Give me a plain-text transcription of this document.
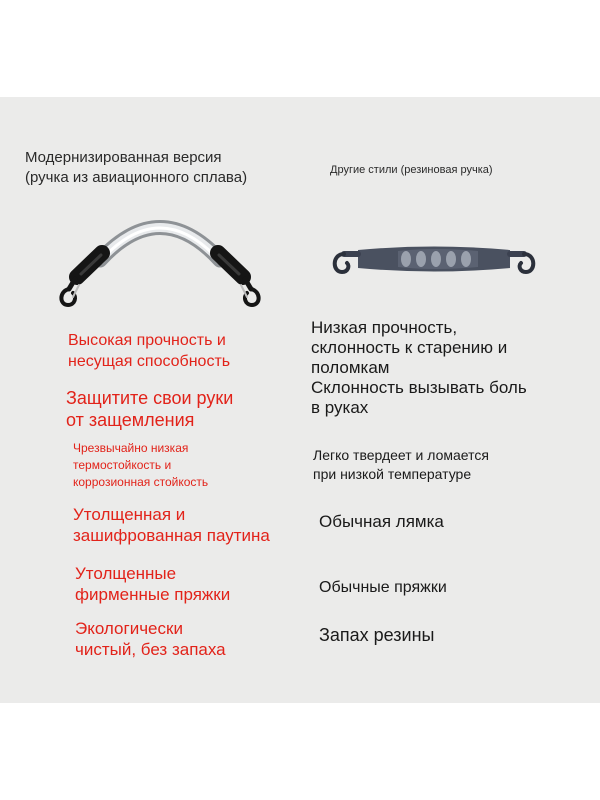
Модернизированная версия
(ручка из авиационного сплава)	Другие стили (резиновая ручка)

Высокая прочность и
несущая способность

Защитите свои руки
от защемления

Чрезвычайно низкая
термостойкость и
коррозионная стойкость

Утолщенная и
зашифрованная паутина

Утолщенные
фирменные пряжки

Экологически
чистый, без запаха

Низкая прочность,
склонность к старению и
поломкам
Склонность вызывать боль
в руках

Легко твердеет и ломается
при низкой температуре

Обычная лямка

Обычные пряжки

Запах резины
